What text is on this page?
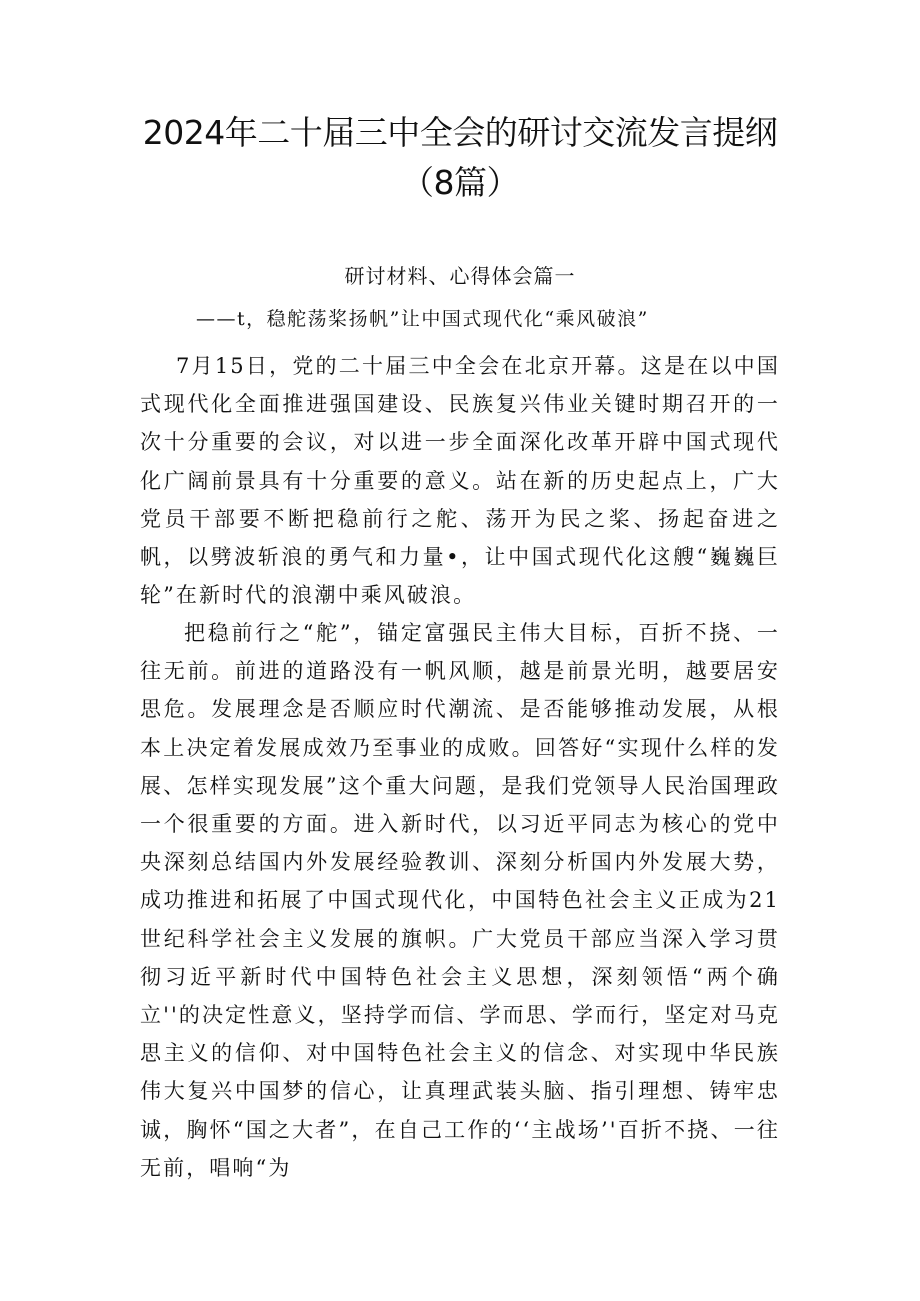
2024年二十届三中全会的研讨交流发言提纲（8篇）
研讨材料、心得体会篇一

——t，稳舵荡桨扬帆”让中国式现代化“乘风破浪”

7月15日，党的二十届三中全会在北京开幕。这是在以中国式现代化全面推进强国建设、民族复兴伟业关键时期召开的一次十分重要的会议，对以进一步全面深化改革开辟中国式现代化广阔前景具有十分重要的意义。站在新的历史起点上，广大党员干部要不断把稳前行之舵、荡开为民之桨、扬起奋进之帆，以劈波斩浪的勇气和力量•，让中国式现代化这艘“巍巍巨轮”在新时代的浪潮中乘风破浪。

把稳前行之“舵”，锚定富强民主伟大目标，百折不挠、一往无前。前进的道路没有一帆风顺，越是前景光明，越要居安思危。发展理念是否顺应时代潮流、是否能够推动发展，从根本上决定着发展成效乃至事业的成败。回答好“实现什么样的发展、怎样实现发展”这个重大问题，是我们党领导人民治国理政一个很重要的方面。进入新时代，以习近平同志为核心的党中央深刻总结国内外发展经验教训、深刻分析国内外发展大势，成功推进和拓展了中国式现代化，中国特色社会主义正成为21世纪科学社会主义发展的旗帜。广大党员干部应当深入学习贯彻习近平新时代中国特色社会主义思想，深刻领悟“两个确立''的决定性意义，坚持学而信、学而思、学而行，坚定对马克思主义的信仰、对中国特色社会主义的信念、对实现中华民族伟大复兴中国梦的信心，让真理武装头脑、指引理想、铸牢忠诚，胸怀“国之大者”，在自己工作的‘‘主战场’'百折不挠、一往无前，唱响“为
